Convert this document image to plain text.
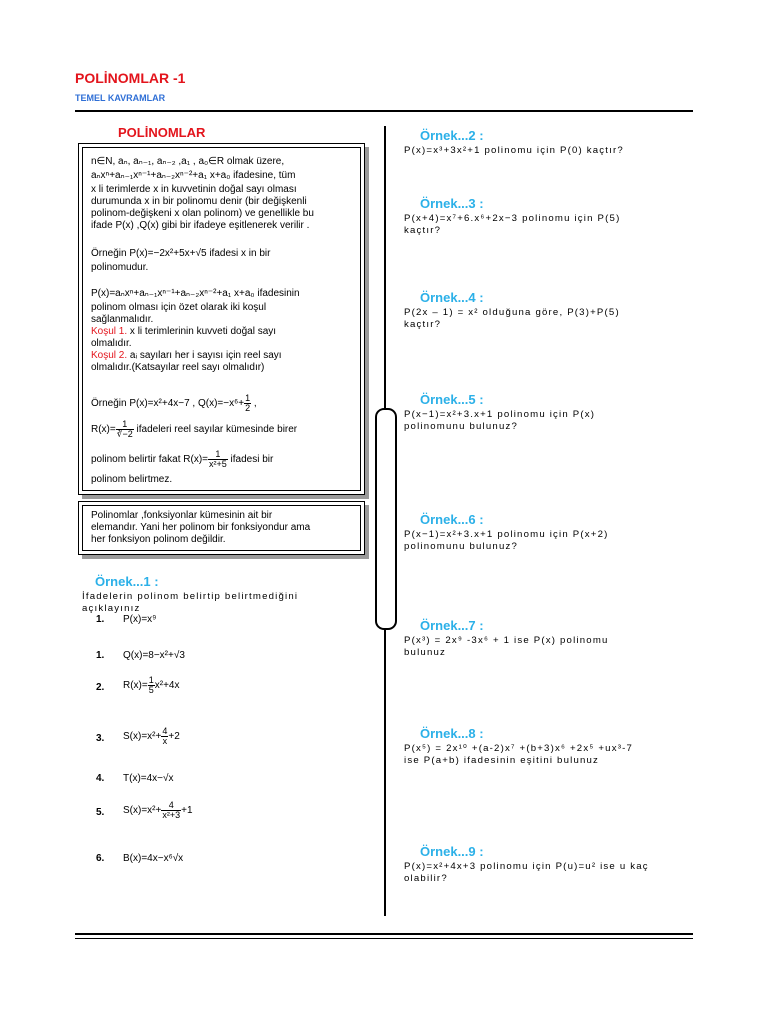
POLİNOMLAR -1
TEMEL KAVRAMLAR
POLİNOMLAR
n∈N, aₙ, aₙ₋₁, aₙ₋₂ ,a₁ , a₀∈R olmak üzere,
aₙxⁿ+aₙ₋₁xⁿ⁻¹+aₙ₋₂xⁿ⁻²+a₁ x+a₀ ifadesine, tüm
x li terimlerde x in kuvvetinin doğal sayı olması
durumunda x in bir polinomu denir (bir değişkenli
polinom-değişkeni x olan polinom) ve genellikle bu
ifade P(x) ,Q(x) gibi bir ifadeye eşitlenerek verilir .
Örneğin P(x)=−2x²+5x+√5 ifadesi x in bir
polinomudur.
P(x)=aₙxⁿ+aₙ₋₁xⁿ⁻¹+aₙ₋₂xⁿ⁻²+a₁ x+a₀ ifadesinin
polinom olması için özet olarak iki koşul
sağlanmalıdır.
Koşul 1. x li terimlerinin kuvveti doğal sayı
olmalıdır.
Koşul 2. aᵢ sayıları her i sayısı için reel sayı
olmalıdır.(Katsayılar reel sayı olmalıdır)
Örneğin P(x)=x²+4x−7 , $Q(x)=-x^6+ \frac{1}{2}$ ,
$R(x)= \frac{1}{∛-2}$ ifadeleri reel sayılar kümesinde birer
polinom belirtir fakat $R(x)= \frac{1}{\text{x²+5}}$ ifadesi bir
polinom belirtmez.
Polinomlar ,fonksiyonlar kümesinin ait bir
elemandır. Yani her polinom bir fonksiyondur ama
her fonksiyon polinom değildir.
Örnek...1 :
İfadelerin polinom belirtip belirtmediğini
açıklayınız
1. P(x)=x⁹
1. Q(x)=8−x²+√3
2. $R(x)= \frac{1}{5} x^2+4x$
3. $S(x)=x^2+ \frac{4}{x} +2$
4. T(x)=4x−√x
5. $S(x)=x^2+ \frac{4}{\text{x²+3}} +1$
6. B(x)=4x−x⁶√x
Örnek...2 :
P(x)=x³+3x²+1 polinomu için P(0) kaçtır?
Örnek...3 :
P(x+4)=x⁷+6.x⁶+2x−3 polinomu için P(5)
kaçtır?
Örnek...4 :
P(2x – 1) = x² olduğuna göre, P(3)+P(5)
kaçtır?
Örnek...5 :
P(x−1)=x²+3.x+1 polinomu için P(x)
polinomunu bulunuz?
Örnek...6 :
P(x−1)=x²+3.x+1 polinomu için P(x+2)
polinomunu bulunuz?
Örnek...7 :
P(x³) = 2x⁹ -3x⁶ + 1 ise P(x) polinomu
bulunuz
Örnek...8 :
P(x⁵) = 2x¹⁰ +(a-2)x⁷ +(b+3)x⁶ +2x⁵ +ux³-7
ise P(a+b) ifadesinin eşitini bulunuz
Örnek...9 :
P(x)=x²+4x+3 polinomu için P(u)=u² ise u kaç
olabilir?
